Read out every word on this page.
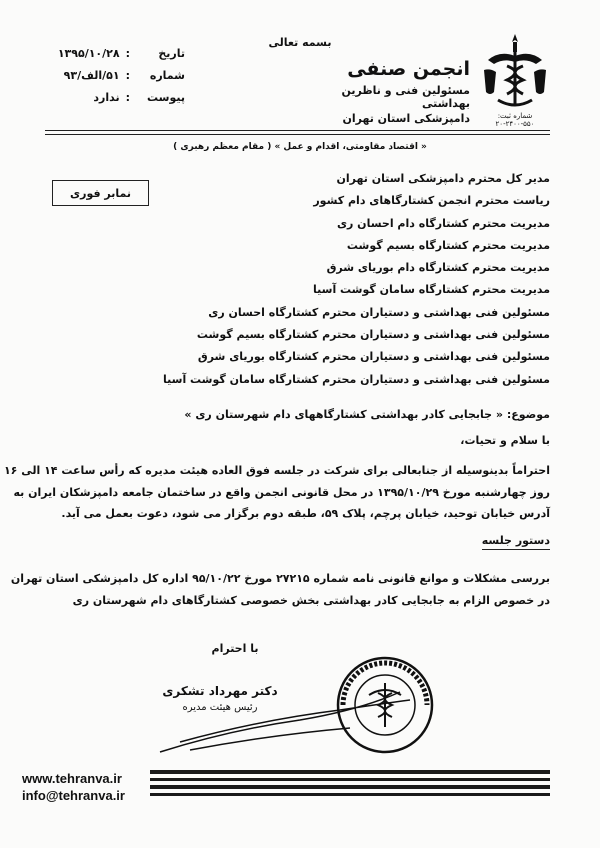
بسمه تعالی
شماره ثبت: ۵۵۰-۲۴۰۰-۲۰
انجمن صنفی
مسئولین فنی و ناظرین بهداشتی
دامپزشکی استان تهران
تاریخ
:
۱۳۹۵/۱۰/۲۸
شماره
:
۵۱/الف/۹۳
پیوست
:
ندارد
« اقتصاد مقاومتی، اقدام و عمل » ( مقام معظم رهبری )
نمابر فوری
مدیر کل محترم دامپزشکی استان تهران
ریاست محترم انجمن کشتارگاهای دام کشور
مدیریت محترم کشتارگاه دام احسان ری
مدیریت محترم کشتارگاه بسیم گوشت
مدیریت محترم کشتارگاه دام بوریای شرق
مدیریت محترم کشتارگاه سامان گوشت آسیا
مسئولین فنی بهداشتی و دستیاران محترم کشتارگاه احسان ری
مسئولین فنی بهداشتی و دستیاران محترم کشتارگاه بسیم گوشت
مسئولین فنی بهداشتی و دستیاران محترم کشتارگاه بوریای شرق
مسئولین فنی بهداشتی و دستیاران محترم کشتارگاه سامان گوشت آسیا
موضوع: « جابجایی کادر بهداشتی کشتارگاههای دام شهرستان ری »
با سلام و تحیات،
احتراماً بدینوسیله از جنابعالی برای شرکت در جلسه فوق العاده هیئت مدیره که رأس ساعت ۱۴ الی ۱۶
روز چهارشنبه مورخ ۱۳۹۵/۱۰/۲۹ در محل قانونی انجمن واقع در ساختمان جامعه دامپزشکان ایران به
آدرس خیابان توحید، خیابان پرچم، پلاک ۵۹، طبقه دوم برگزار می شود، دعوت بعمل می آید.
دستور جلسه
بررسی مشکلات و موانع قانونی نامه شماره ۲۷۲۱۵ مورخ ۹۵/۱۰/۲۲ اداره کل دامپزشکی استان تهران
در خصوص الزام به جابجایی کادر بهداشتی بخش خصوصی کشتارگاهای دام شهرستان ری
با احترام
دکتر مهرداد تشکری
رئیس هیئت مدیره
www.tehranva.ir
info@tehranva.ir
